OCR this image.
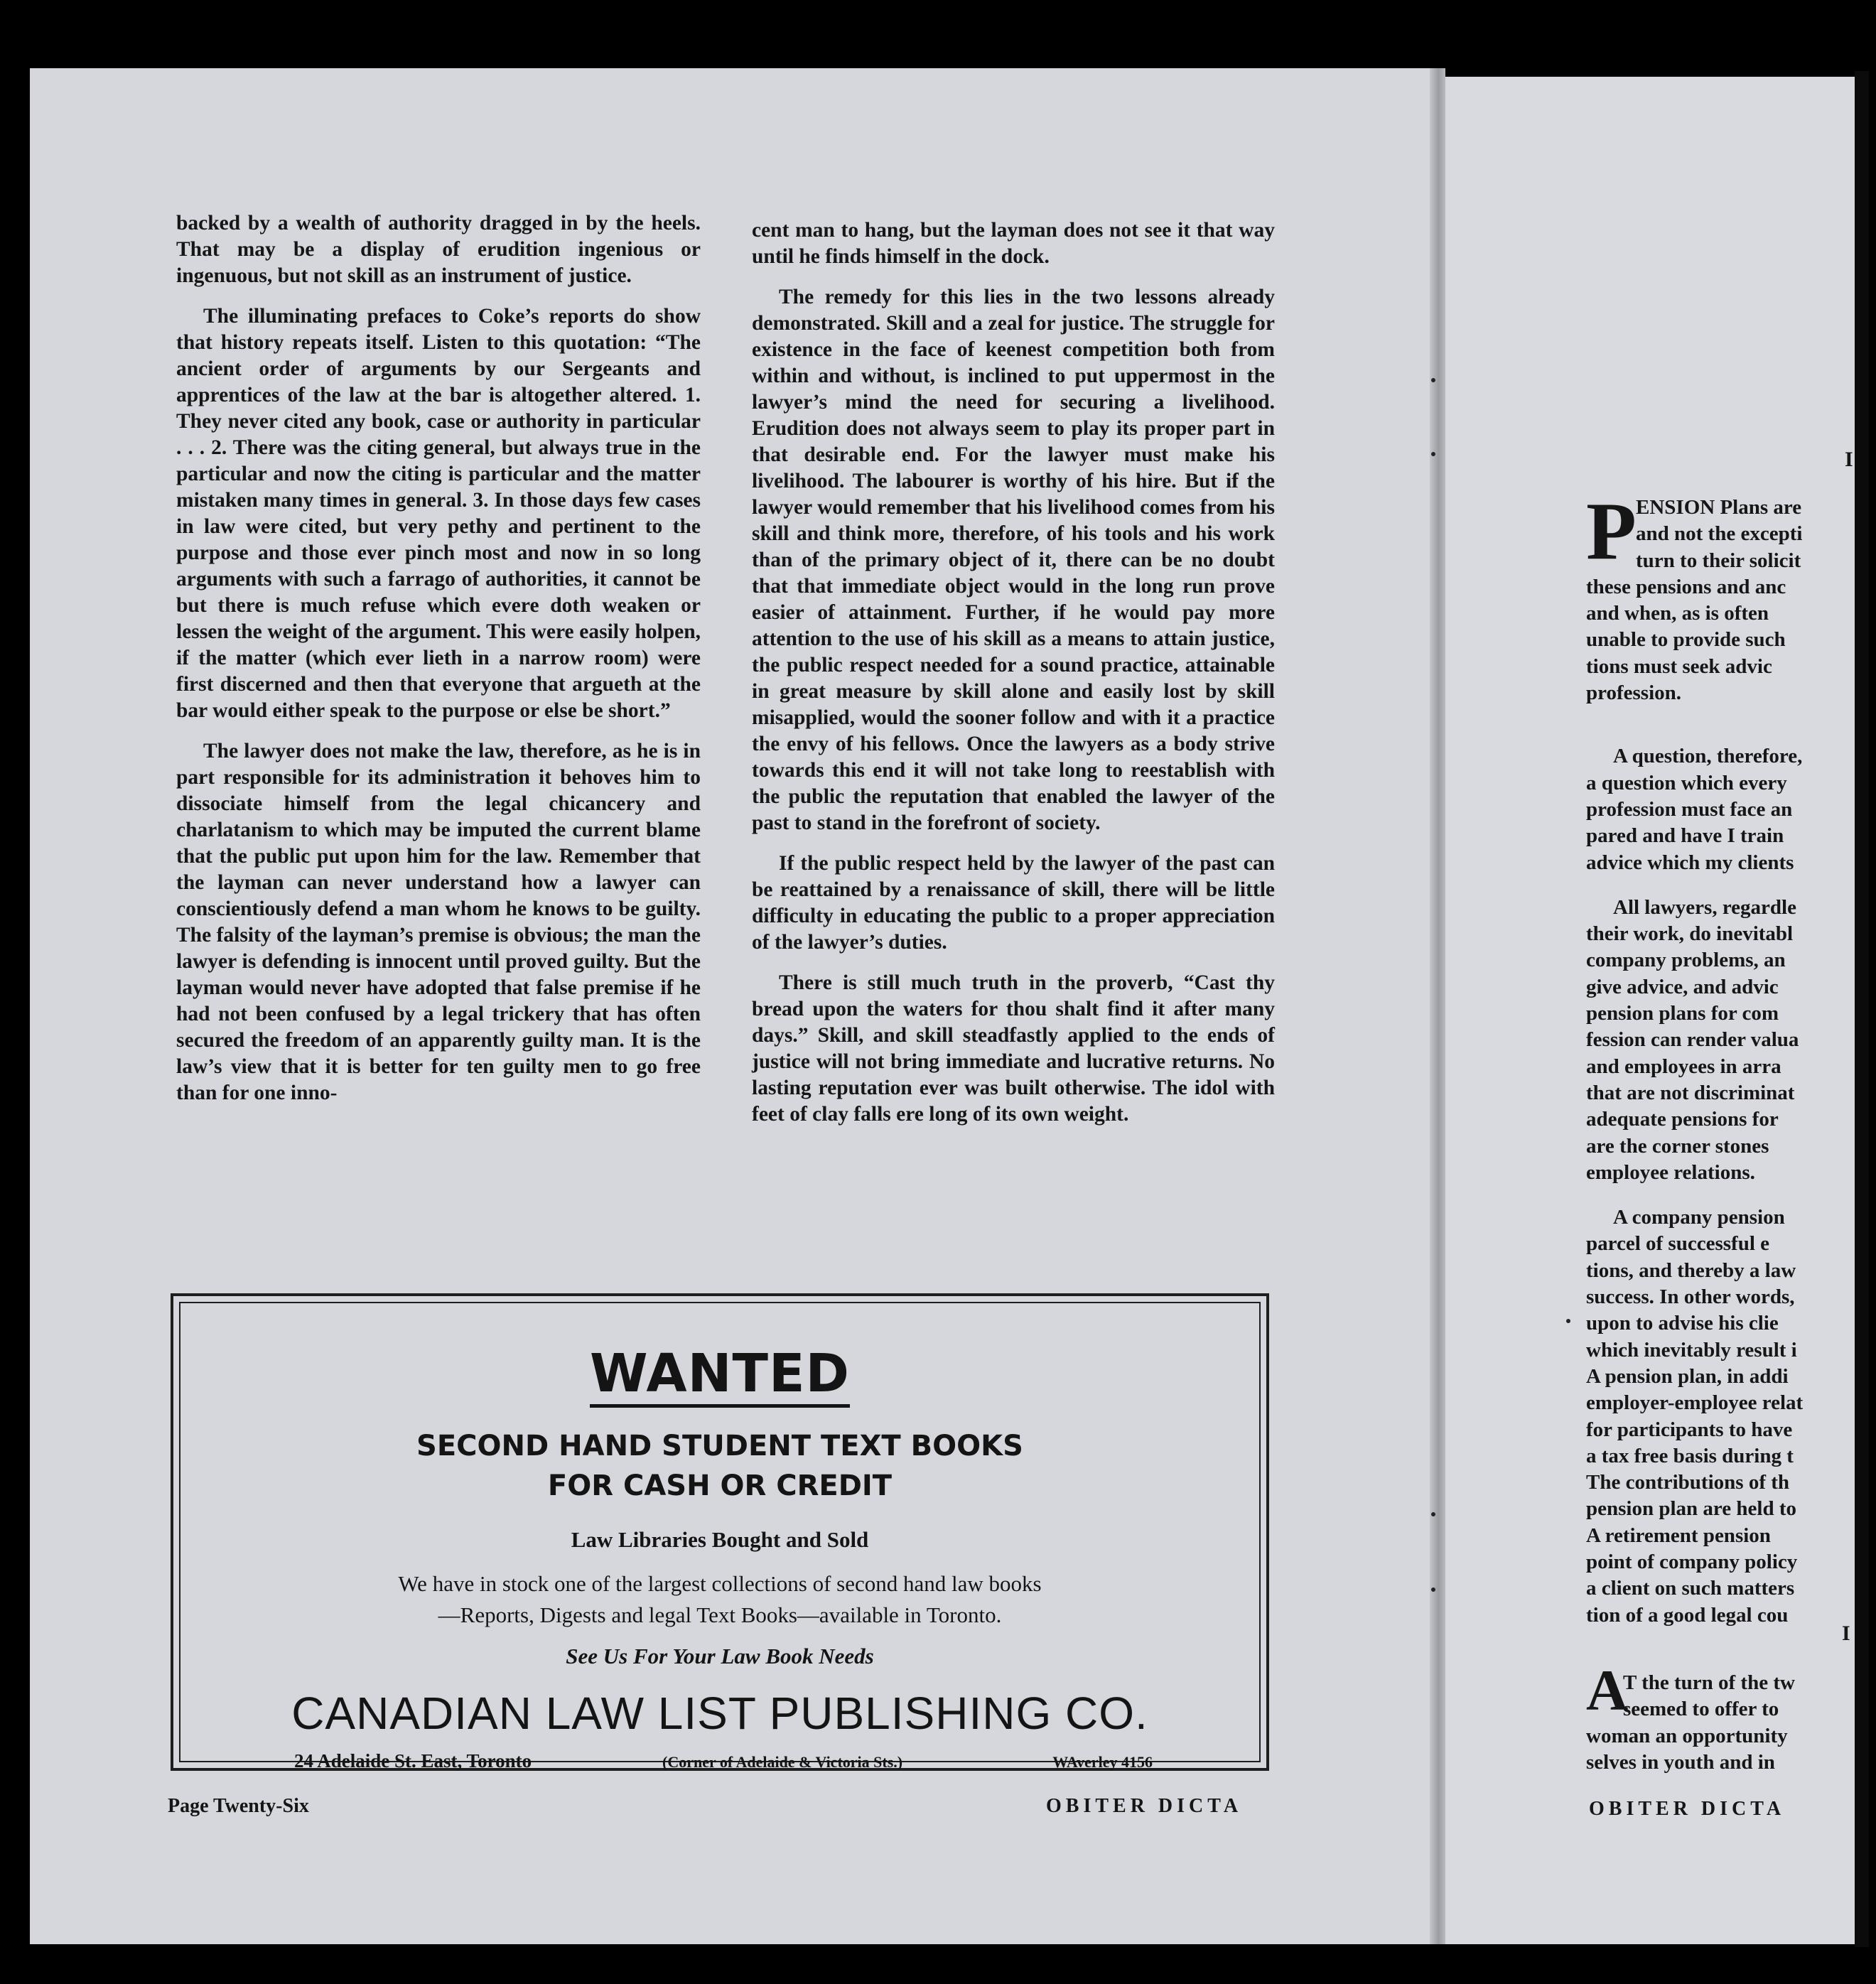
backed by a wealth of authority dragged in by the heels. That may be a display of erudition ingenious or ingenuous, but not skill as an instrument of justice.

The illuminating prefaces to Coke’s reports do show that history repeats itself. Listen to this quotation: “The ancient order of arguments by our Sergeants and apprentices of the law at the bar is altogether altered. 1. They never cited any book, case or authority in particular . . . 2. There was the citing general, but always true in the particular and now the citing is particular and the matter mistaken many times in general. 3. In those days few cases in law were cited, but very pethy and pertinent to the purpose and those ever pinch most and now in so long arguments with such a farrago of authorities, it cannot be but there is much refuse which evere doth weaken or lessen the weight of the argument. This were easily holpen, if the matter (which ever lieth in a narrow room) were first discerned and then that everyone that argueth at the bar would either speak to the purpose or else be short.”

The lawyer does not make the law, therefore, as he is in part responsible for its administration it behoves him to dissociate himself from the legal chicancery and charlatanism to which may be imputed the current blame that the public put upon him for the law. Remember that the layman can never understand how a lawyer can conscientiously defend a man whom he knows to be guilty. The falsity of the layman’s premise is obvious; the man the lawyer is defending is innocent until proved guilty. But the layman would never have adopted that false premise if he had not been confused by a legal trickery that has often secured the freedom of an apparently guilty man. It is the law’s view that it is better for ten guilty men to go free than for one inno-

cent man to hang, but the layman does not see it that way until he finds himself in the dock.

The remedy for this lies in the two lessons already demonstrated. Skill and a zeal for justice. The struggle for existence in the face of keenest competition both from within and without, is inclined to put uppermost in the lawyer’s mind the need for securing a livelihood. Erudition does not always seem to play its proper part in that desirable end. For the lawyer must make his livelihood. The labourer is worthy of his hire. But if the lawyer would remember that his livelihood comes from his skill and think more, therefore, of his tools and his work than of the primary object of it, there can be no doubt that that immediate object would in the long run prove easier of attainment. Further, if he would pay more attention to the use of his skill as a means to attain justice, the public respect needed for a sound practice, attainable in great measure by skill alone and easily lost by skill misapplied, would the sooner follow and with it a practice the envy of his fellows. Once the lawyers as a body strive towards this end it will not take long to reestablish with the public the reputation that enabled the lawyer of the past to stand in the forefront of society.

If the public respect held by the lawyer of the past can be reattained by a renaissance of skill, there will be little difficulty in educating the public to a proper appreciation of the lawyer’s duties.

There is still much truth in the proverb, “Cast thy bread upon the waters for thou shalt find it after many days.” Skill, and skill steadfastly applied to the ends of justice will not bring immediate and lucrative returns. No lasting reputation ever was built otherwise. The idol with feet of clay falls ere long of its own weight.

WANTED
SECOND HAND STUDENT TEXT BOOKS
FOR CASH OR CREDIT
Law Libraries Bought and Sold
We have in stock one of the largest collections of second hand law books
—Reports, Digests and legal Text Books—available in Toronto.
See Us For Your Law Book Needs
CANADIAN LAW LIST PUBLISHING CO.
24 Adelaide St. East, Toronto	(Corner of Adelaide & Victoria Sts.)	WAverley 4156
Page Twenty-Six	OBITER DICTA
I
P ENSION Plans are
and not the excepti
turn to their solicit
these pensions and anc
and when, as is often
unable to provide such
tions must seek advic
profession.
A question, therefore,
a question which every
profession must face an
pared and have I train
advice which my clients
All lawyers, regardle
their work, do inevitabl
company problems, an
give advice, and advic
pension plans for com
fession can render valua
and employees in arra
that are not discriminat
adequate pensions for
are the corner stones
employee relations.
A company pension
parcel of successful e
tions, and thereby a law
success. In other words,
upon to advise his clie
which inevitably result i
A pension plan, in addi
employer-employee relat
for participants to have
a tax free basis during t
The contributions of th
pension plan are held to
A retirement pension
point of company policy
a client on such matters
tion of a good legal cou
I
A
T the turn of the tw
seemed to offer to
woman an opportunity
selves in youth and in
OBITER DICTA
